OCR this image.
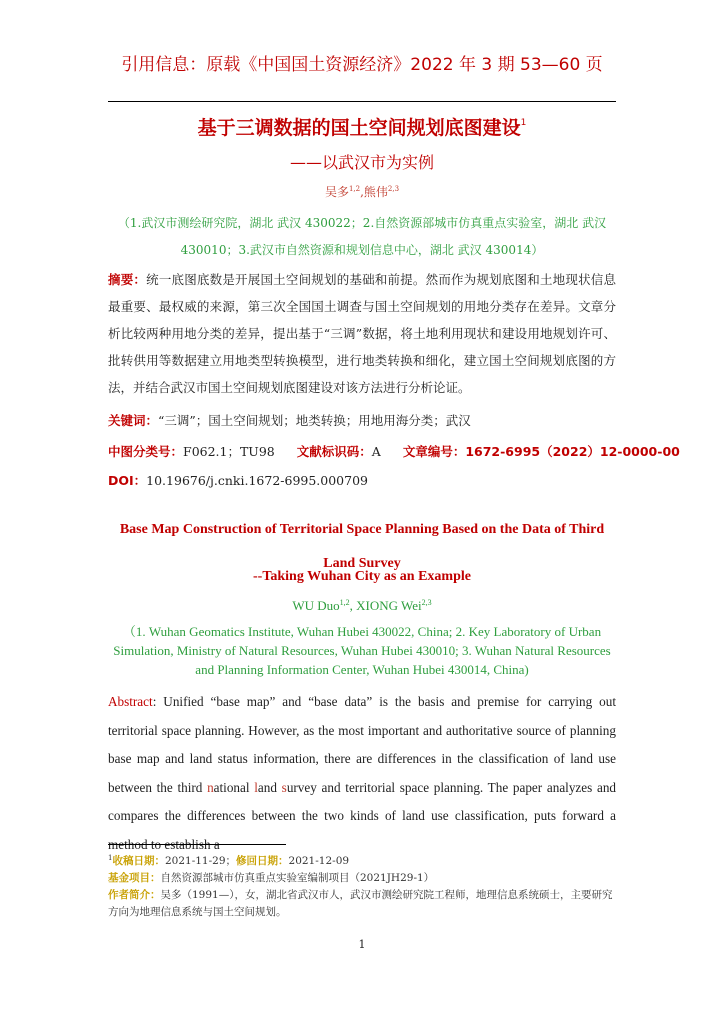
引用信息：原载《中国国土资源经济》2022 年 3 期 53—60 页
基于三调数据的国土空间规划底图建设$^1$
——以武汉市为实例
吴多$^{1,2}$,熊伟$^{2,3}$
（1.武汉市测绘研究院，湖北 武汉 430022；2.自然资源部城市仿真重点实验室，湖北 武汉 430010；3.武汉市自然资源和规划信息中心，湖北 武汉 430014）
摘要：统一底图底数是开展国土空间规划的基础和前提。然而作为规划底图和土地现状信息最重要、最权威的来源，第三次全国国土调查与国土空间规划的用地分类存在差异。文章分析比较两种用地分类的差异，提出基于“三调”数据，将土地利用现状和建设用地规划许可、批转供用等数据建立用地类型转换模型，进行地类转换和细化，建立国土空间规划底图的方法，并结合武汉市国土空间规划底图建设对该方法进行分析论证。
关键词：“三调”；国土空间规划；地类转换；用地用海分类；武汉
中图分类号：F062.1；TU98 文献标识码：A 文章编号：1672-6995（2022）12-0000-00
DOI：10.19676/j.cnki.1672-6995.000709
Base Map Construction of Territorial Space Planning Based on the Data of Third Land Survey
--Taking Wuhan City as an Example
WU Duo$^{1,2}$, XIONG Wei$^{2,3}$
（1. Wuhan Geomatics Institute, Wuhan Hubei 430022, China; 2. Key Laboratory of Urban Simulation, Ministry of Natural Resources, Wuhan Hubei 430010; 3. Wuhan Natural Resources and Planning Information Center, Wuhan Hubei 430014, China)
Abstract: Unified “base map” and “base data” is the basis and premise for carrying out territorial space planning. However, as the most important and authoritative source of planning base map and land status information, there are differences in the classification of land use between the third national land survey and territorial space planning. The paper analyzes and compares the differences between the two kinds of land use classification, puts forward a method to establish a
$^1$收稿日期：2021-11-29；修回日期：2021-12-09
基金项目：自然资源部城市仿真重点实验室编制项目（2021JH29-1）
作者简介：吴多（1991—），女，湖北省武汉市人，武汉市测绘研究院工程师，地理信息系统硕士，主要研究方向为地理信息系统与国土空间规划。
1
